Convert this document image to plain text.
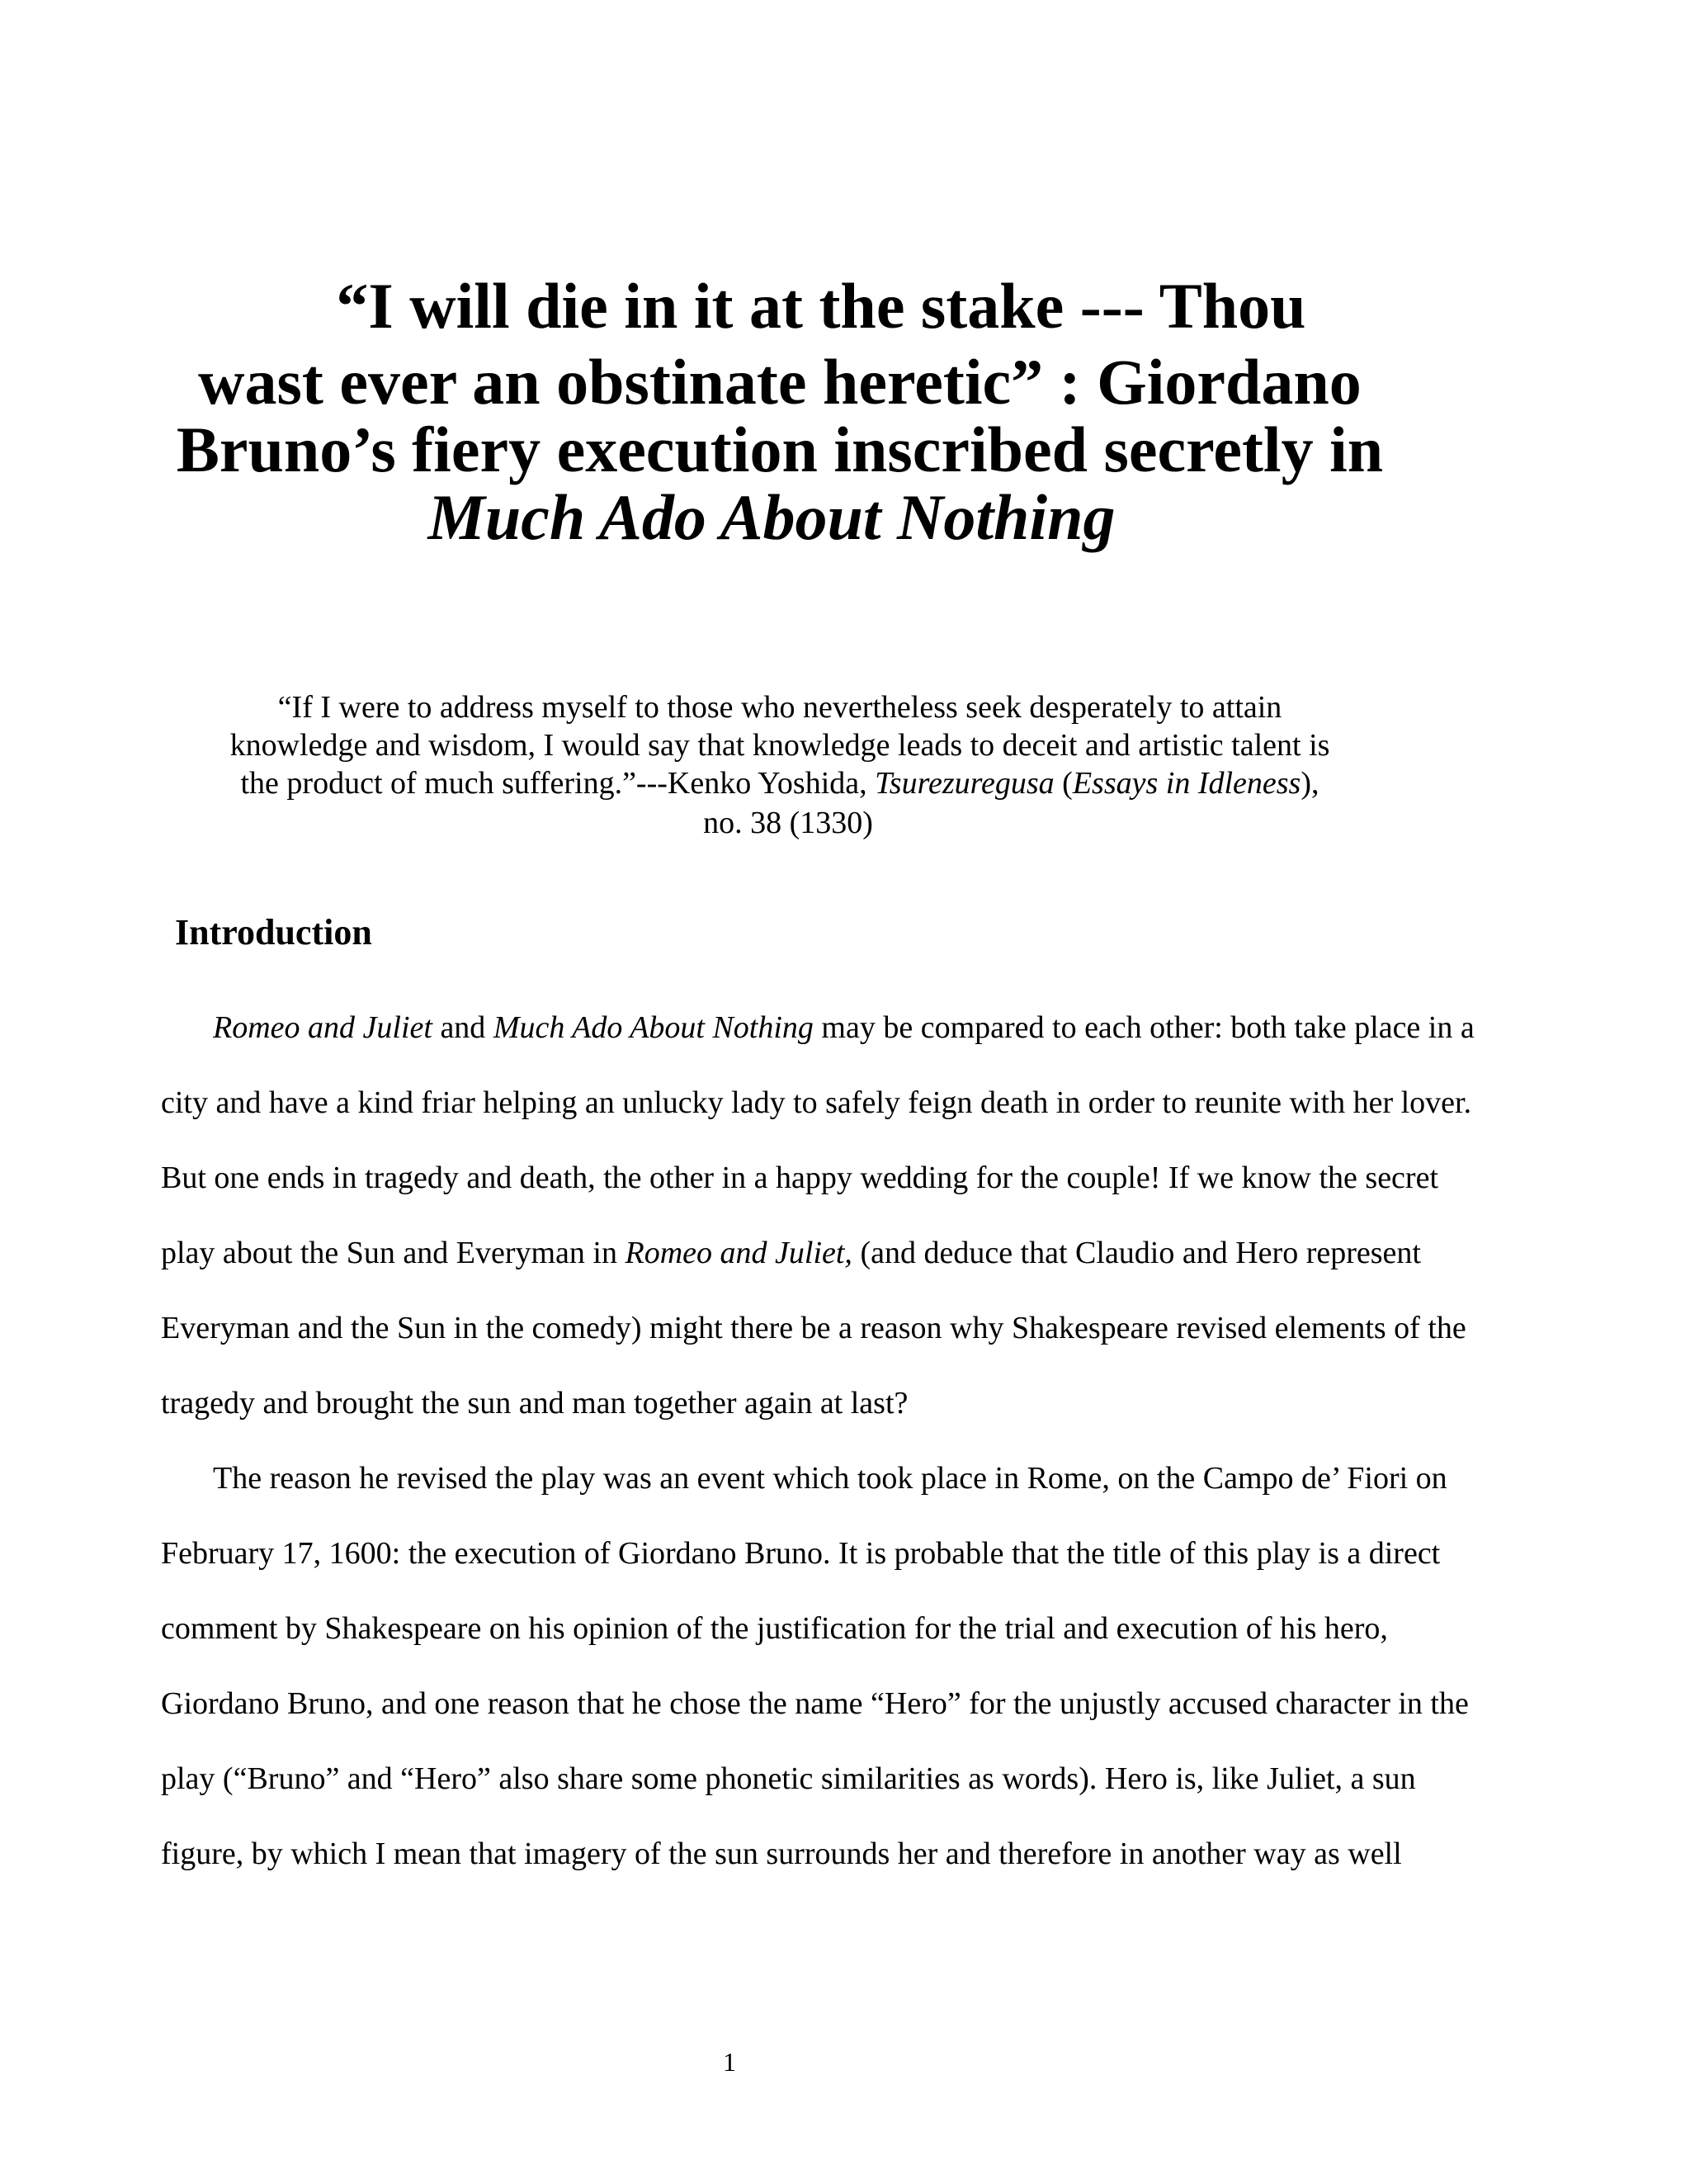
“I will die in it at the stake --- Thou
wast ever an obstinate heretic” : Giordano
Bruno’s fiery execution inscribed secretly in
Much Ado About Nothing
“If I were to address myself to those who nevertheless seek desperately to attain
knowledge and wisdom, I would say that knowledge leads to deceit and artistic talent is
the product of much suffering.”---Kenko Yoshida, Tsurezuregusa (Essays in Idleness),
no. 38 (1330)
Introduction
Romeo and Juliet and Much Ado About Nothing may be compared to each other: both take place in a
city and have a kind friar helping an unlucky lady to safely feign death in order to reunite with her lover.
But one ends in tragedy and death, the other in a happy wedding for the couple! If we know the secret
play about the Sun and Everyman in Romeo and Juliet, (and deduce that Claudio and Hero represent
Everyman and the Sun in the comedy) might there be a reason why Shakespeare revised elements of the
tragedy and brought the sun and man together again at last?
The reason he revised the play was an event which took place in Rome, on the Campo de’ Fiori on
February 17, 1600: the execution of Giordano Bruno. It is probable that the title of this play is a direct
comment by Shakespeare on his opinion of the justification for the trial and execution of his hero,
Giordano Bruno, and one reason that he chose the name “Hero” for the unjustly accused character in the
play (“Bruno” and “Hero” also share some phonetic similarities as words). Hero is, like Juliet, a sun
figure, by which I mean that imagery of the sun surrounds her and therefore in another way as well
1
